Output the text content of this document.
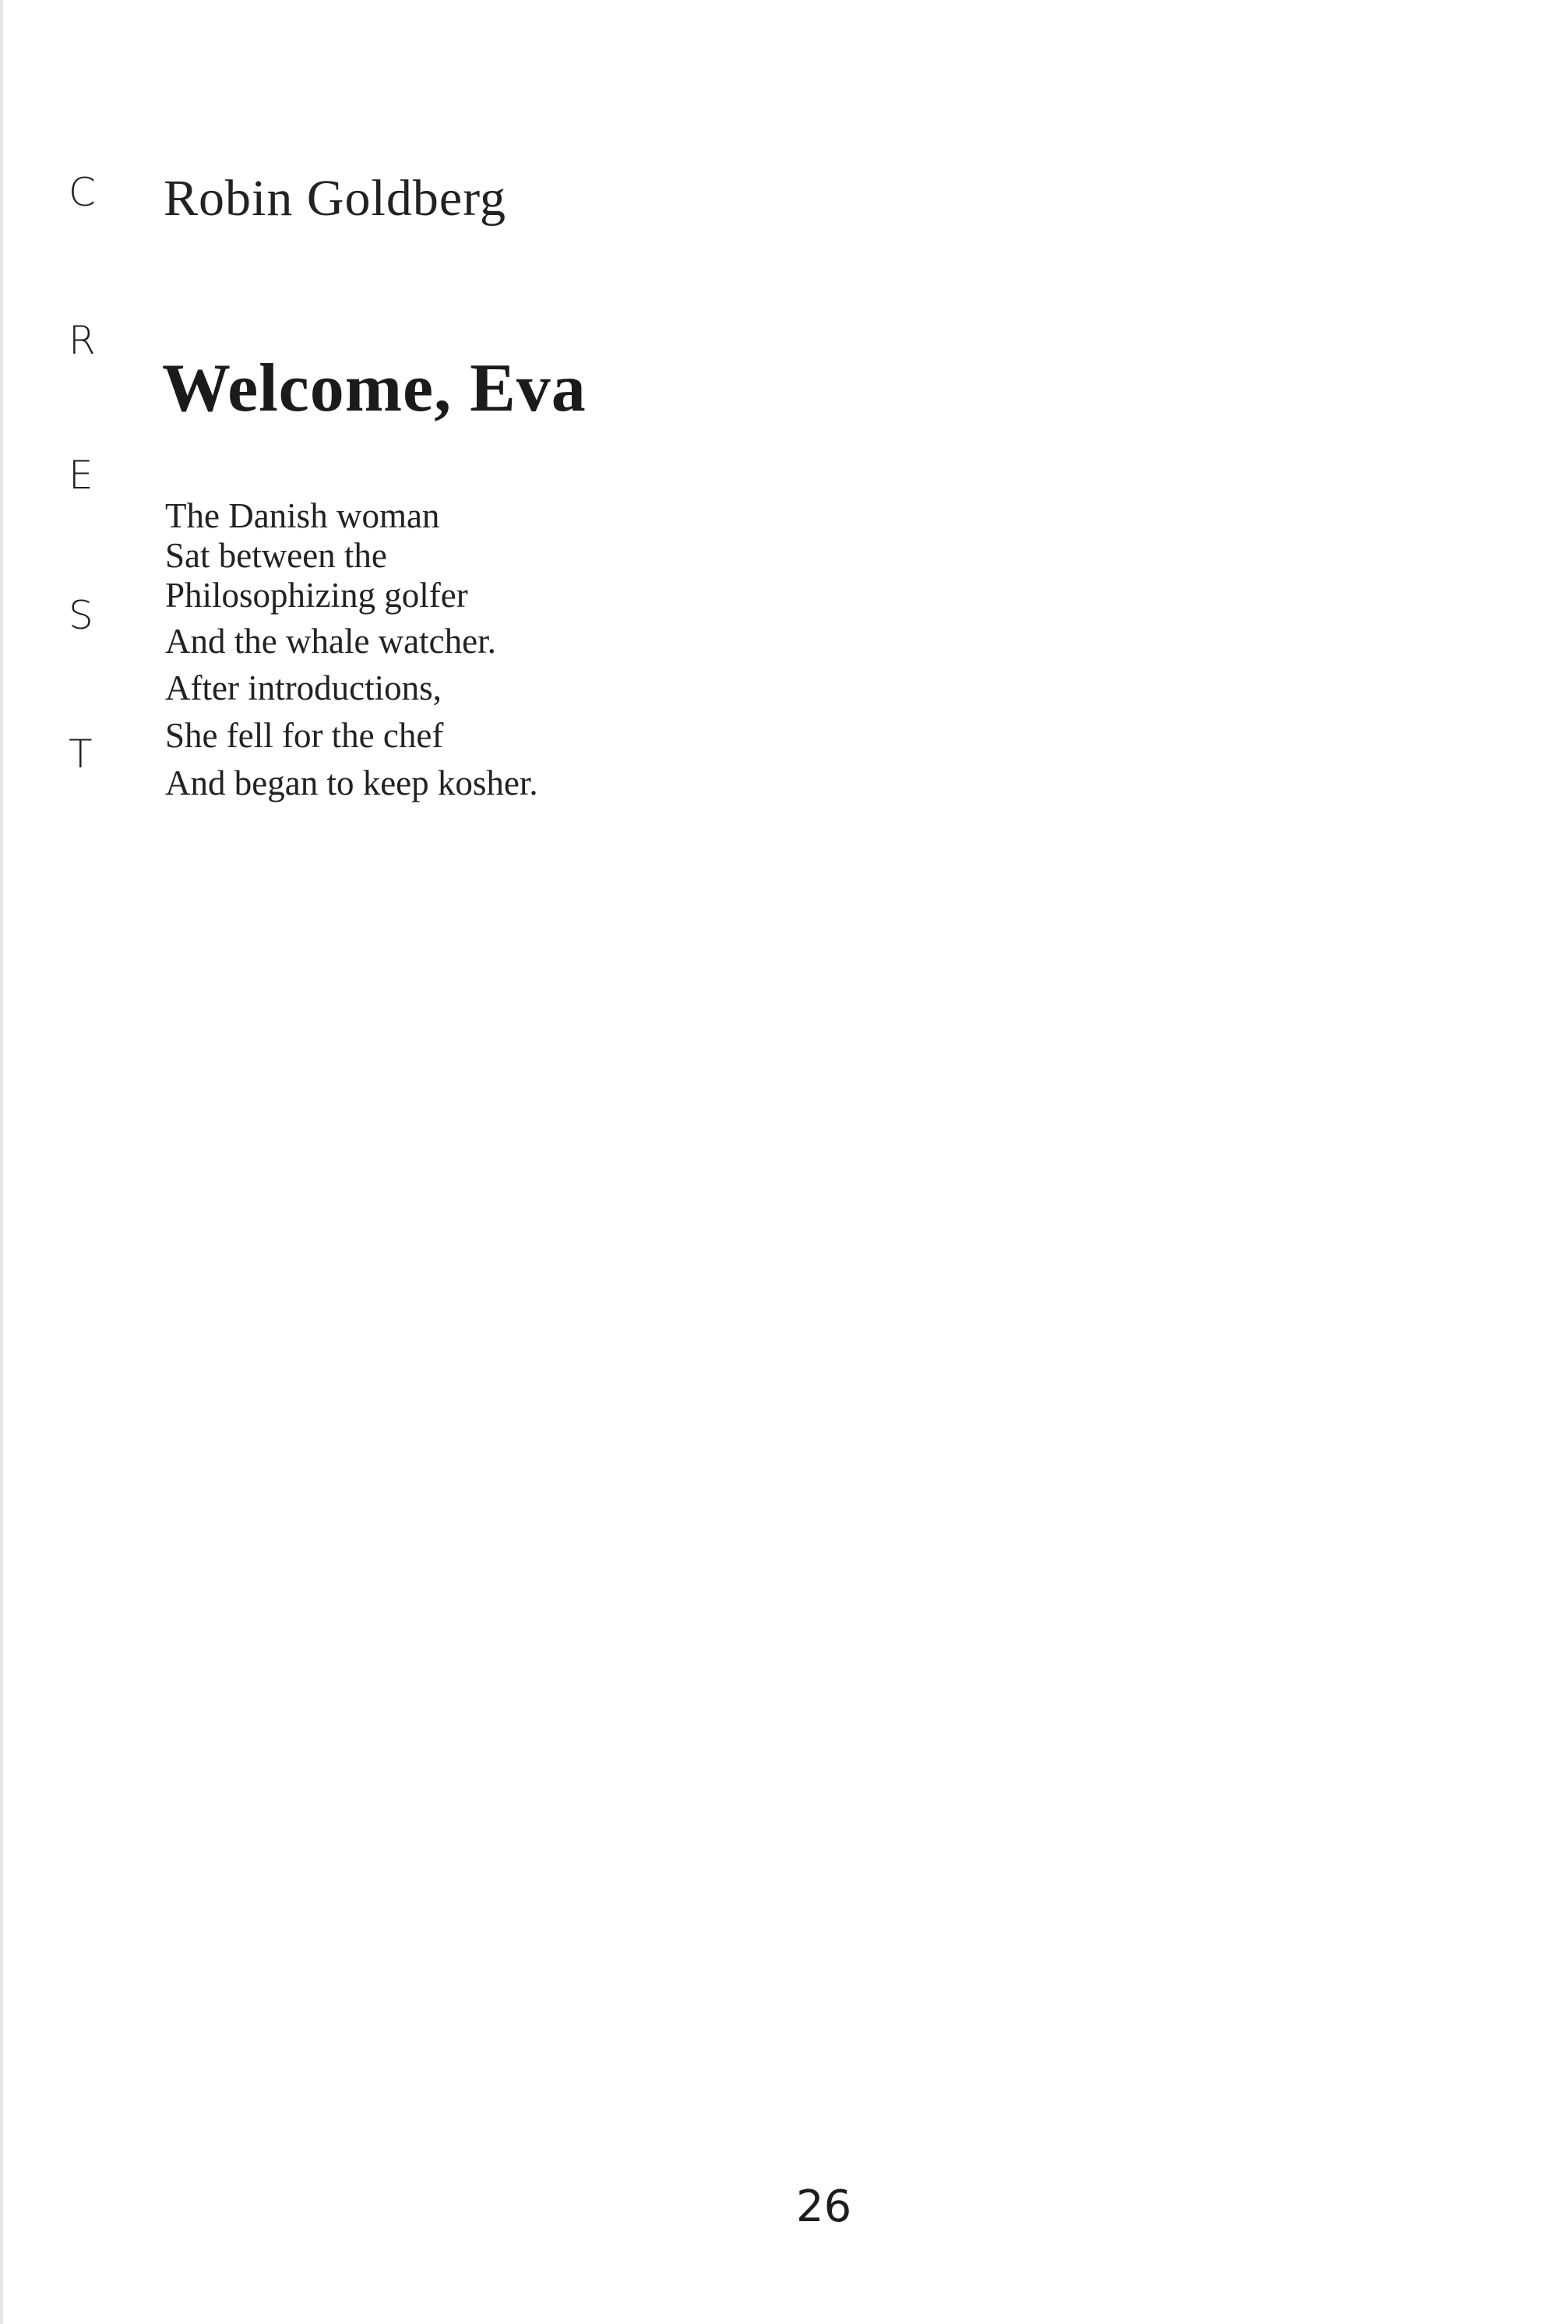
C
R
E
S
T
Robin Goldberg
Welcome, Eva
The Danish woman
Sat between the
Philosophizing golfer
And the whale watcher.
After introductions,
She fell for the chef
And began to keep kosher.
26
